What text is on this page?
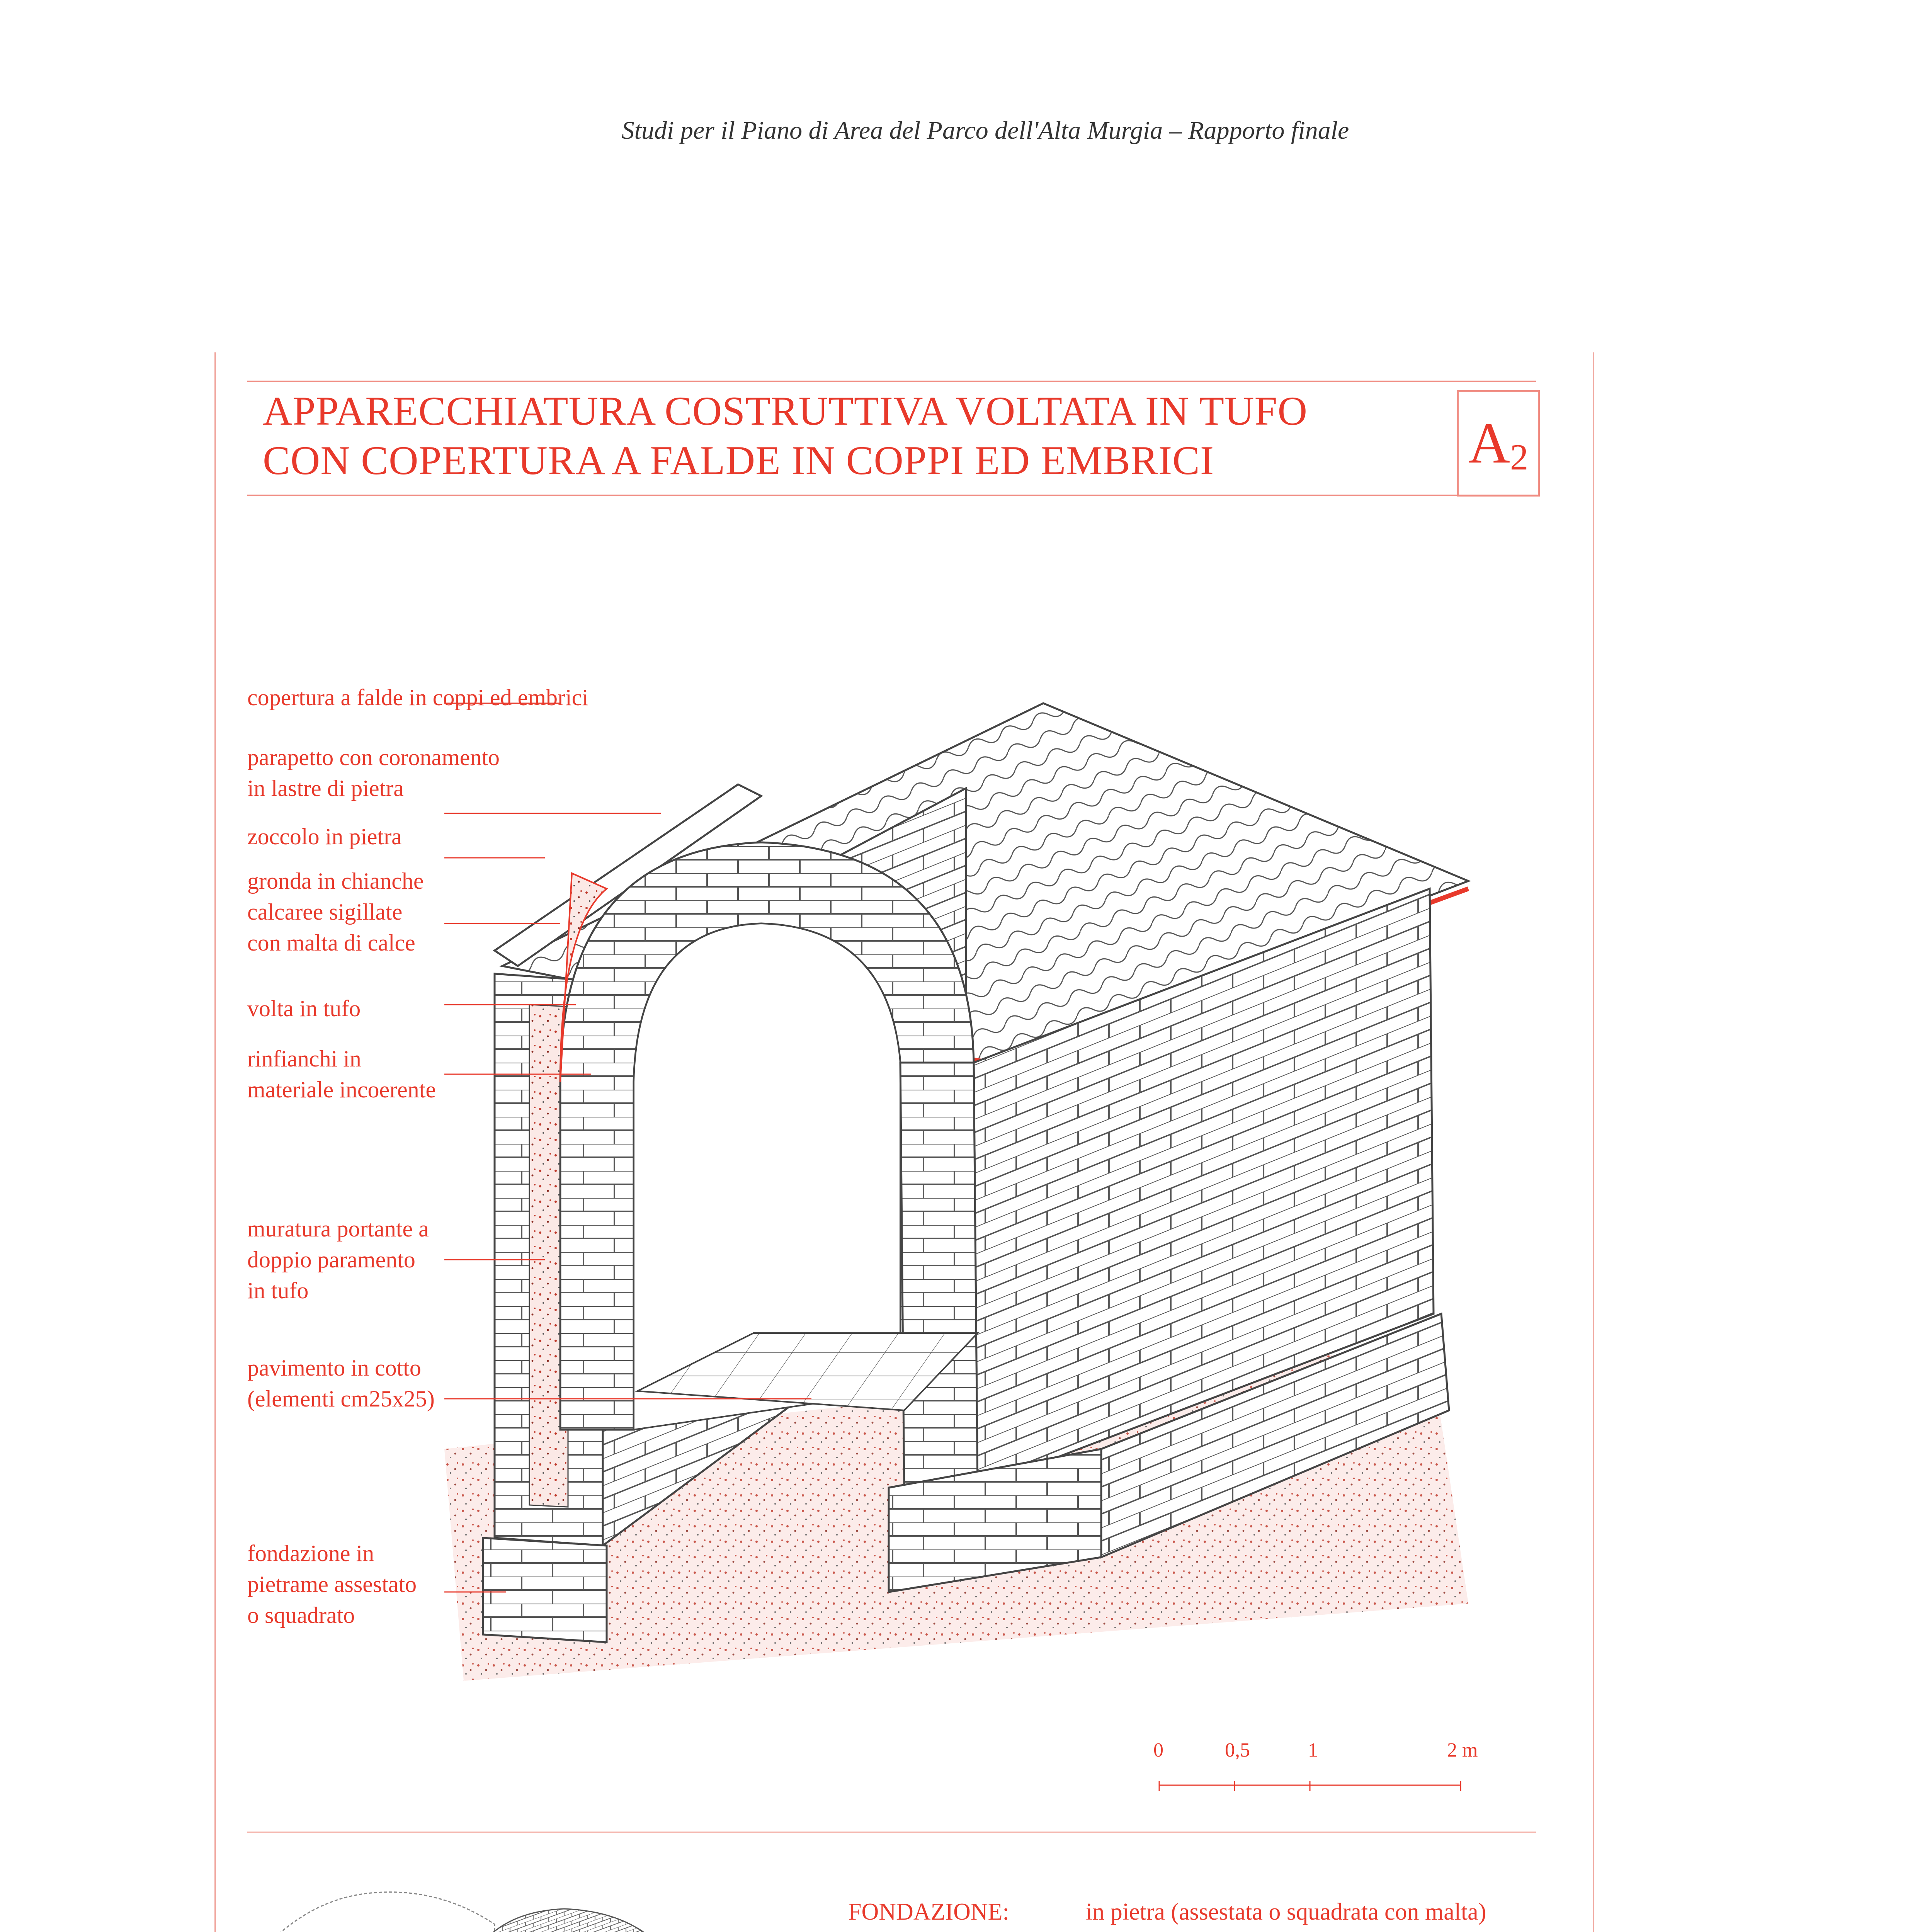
Studi per il Piano di Area del Parco dell'Alta Murgia – Rapporto finale
APPARECCHIATURA COSTRUTTIVA VOLTATA IN TUFO
CON COPERTURA A FALDE IN COPPI ED EMBRICI	$A_2$
copertura a falde in coppi ed embrici
parapetto con coronamento
in lastre di pietra
zoccolo in pietra
gronda in chianche
calcaree sigillate
con malta di calce
volta in tufo
rinfianchi in
materiale incoerente
muratura portante a
doppio paramento
in tufo
pavimento in cotto
(elementi cm25x25)
fondazione in
pietrame assestato
o squadrato
0	0,5	1	2 m
FONDAZIONE:	in pietra (assestata o squadrata con malta)
